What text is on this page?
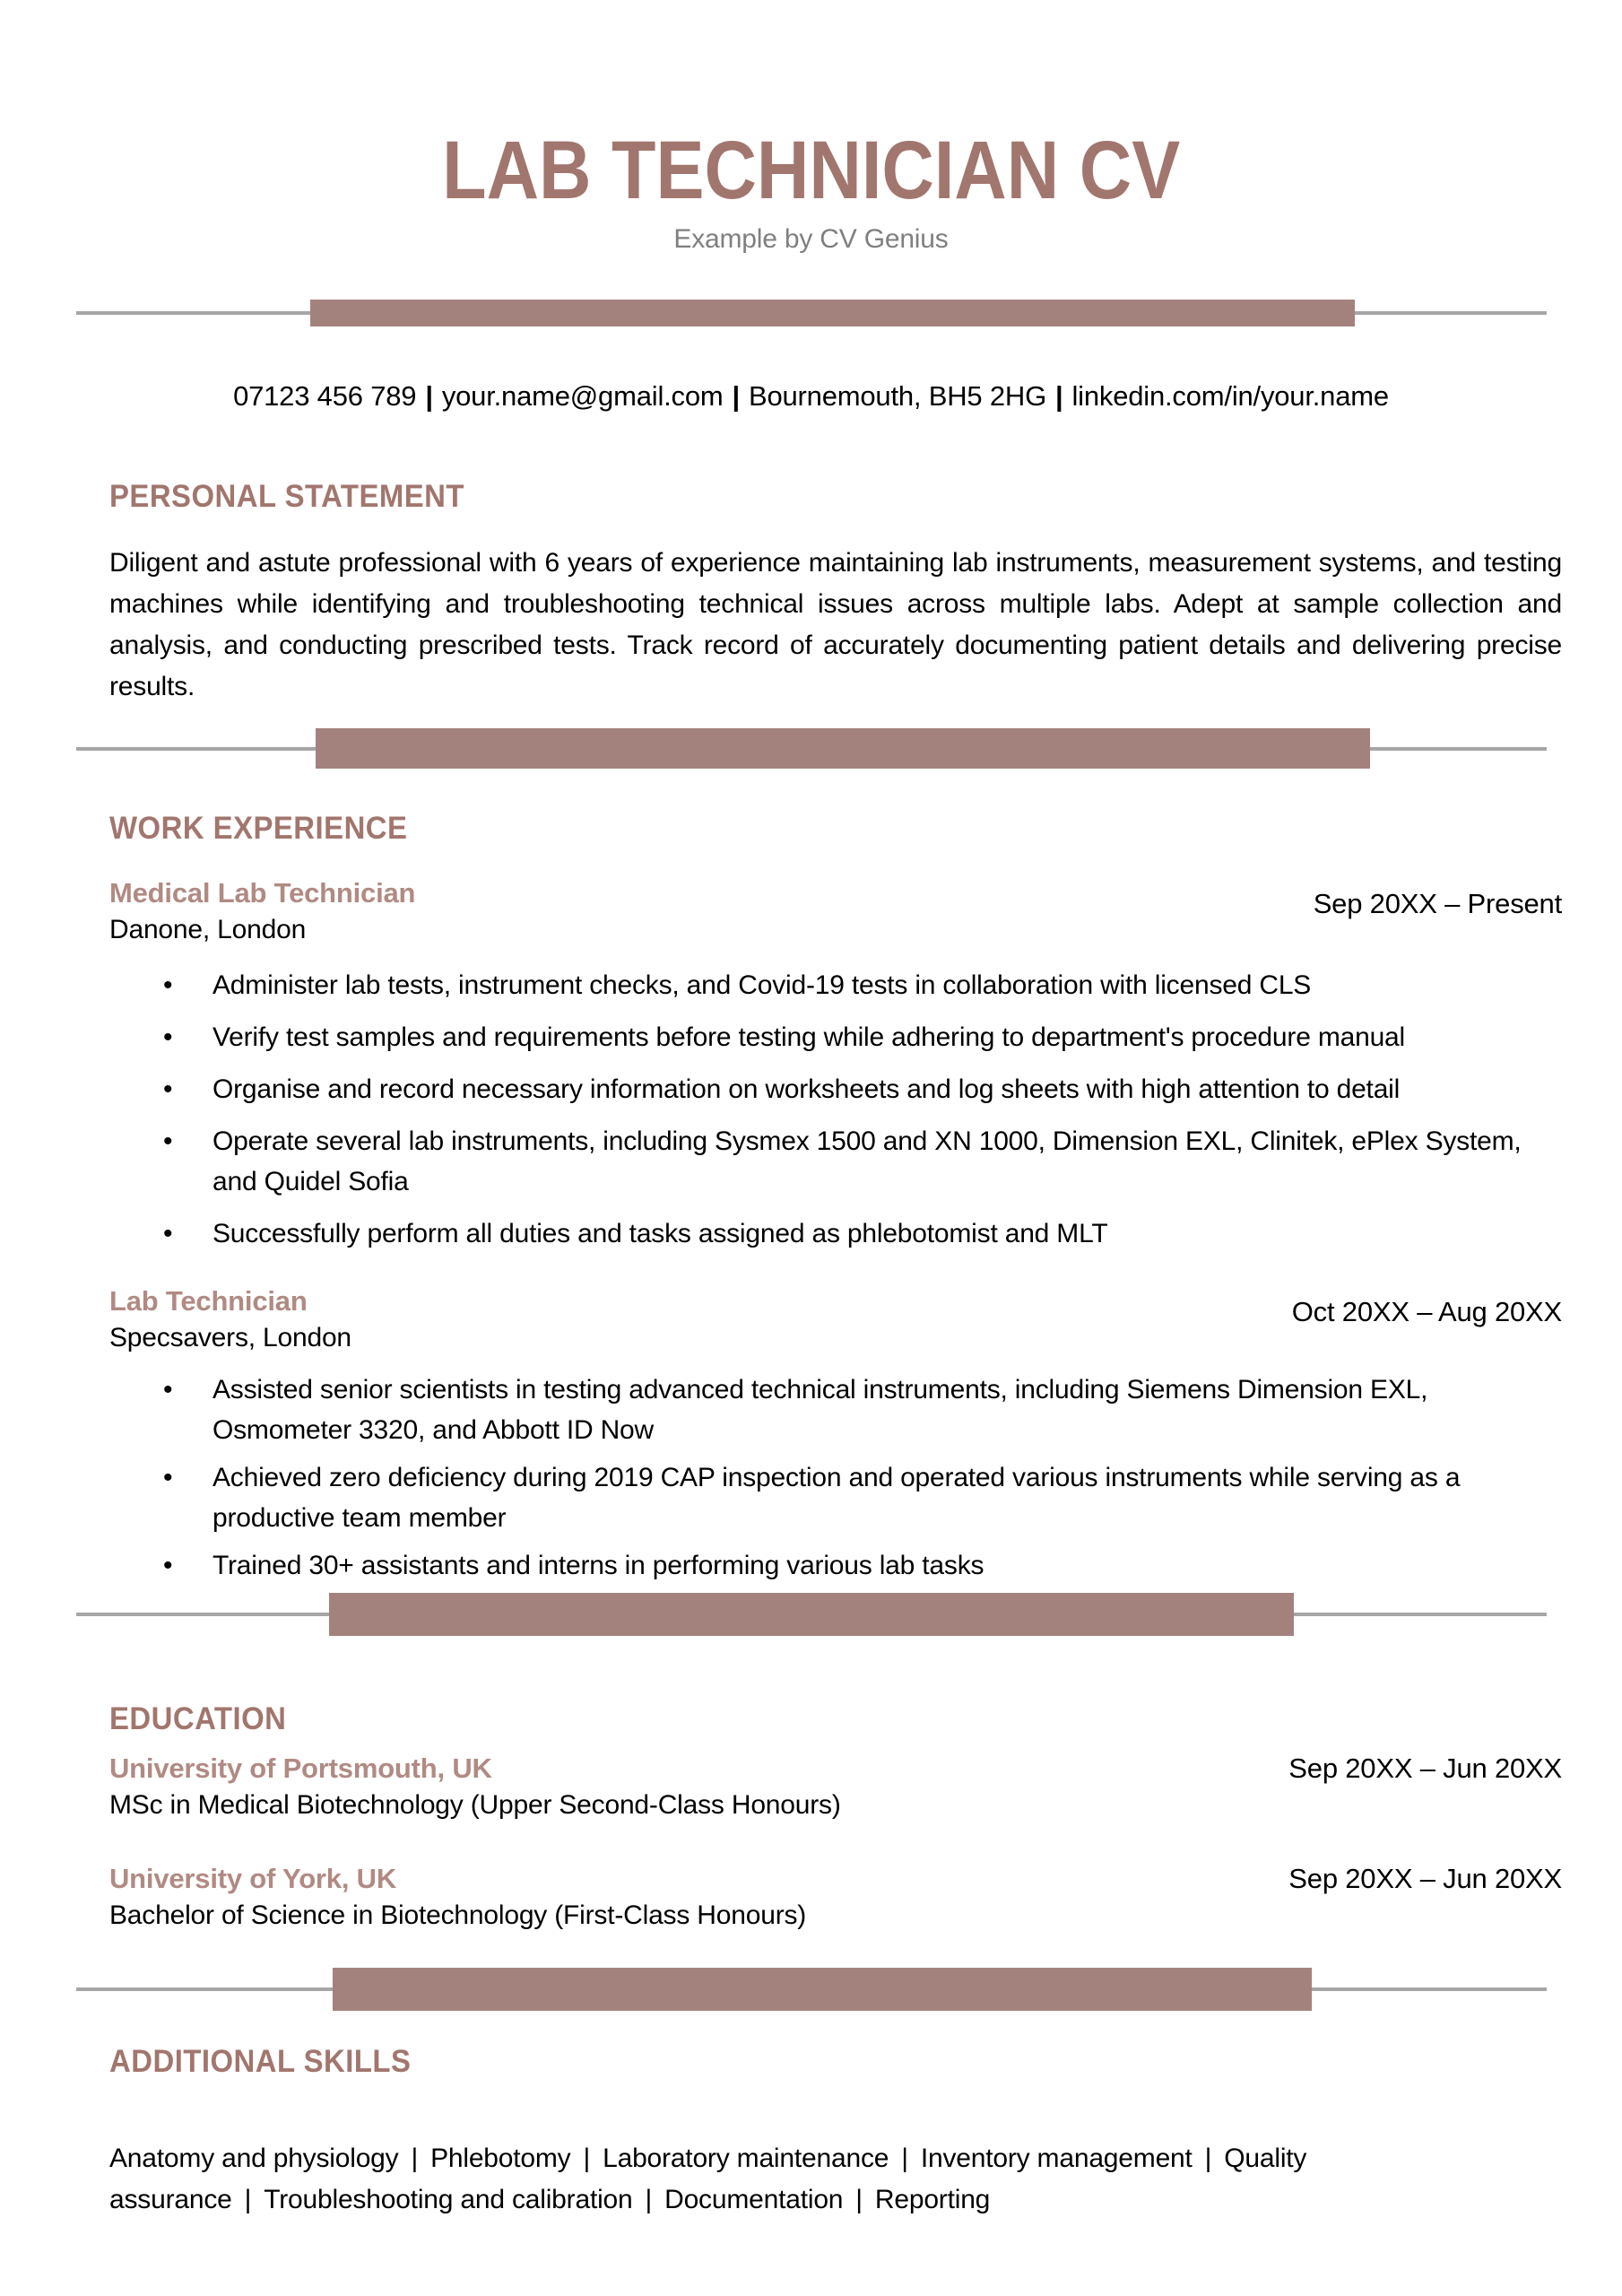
LAB TECHNICIAN CV

Example by CV Genius

07123 456 789 | your.name@gmail.com | Bournemouth, BH5 2HG | linkedin.com/in/your.name

PERSONAL STATEMENT

Diligent and astute professional with 6 years of experience maintaining lab instruments, measurement systems, and testing machines while identifying and troubleshooting technical issues across multiple labs. Adept at sample collection and analysis, and conducting prescribed tests. Track record of accurately documenting patient details and delivering precise results.

WORK EXPERIENCE

Medical Lab Technician

Danone, London

Sep 20XX – Present
• Administer lab tests, instrument checks, and Covid-19 tests in collaboration with licensed CLS
• Verify test samples and requirements before testing while adhering to department's procedure manual
• Organise and record necessary information on worksheets and log sheets with high attention to detail
• Operate several lab instruments, including Sysmex 1500 and XN 1000, Dimension EXL, Clinitek, ePlex System, and Quidel Sofia
• Successfully perform all duties and tasks assigned as phlebotomist and MLT

Lab Technician

Specsavers, London

Oct 20XX – Aug 20XX
• Assisted senior scientists in testing advanced technical instruments, including Siemens Dimension EXL, Osmometer 3320, and Abbott ID Now
• Achieved zero deficiency during 2019 CAP inspection and operated various instruments while serving as a productive team member
• Trained 30+ assistants and interns in performing various lab tasks
EDUCATION

University of Portsmouth, UK	Sep 20XX – Jun 20XX

MSc in Medical Biotechnology (Upper Second-Class Honours)

University of York, UK	Sep 20XX – Jun 20XX

Bachelor of Science in Biotechnology (First-Class Honours)

ADDITIONAL SKILLS

Anatomy and physiology | Phlebotomy | Laboratory maintenance | Inventory management | Quality assurance | Troubleshooting and calibration | Documentation | Reporting
